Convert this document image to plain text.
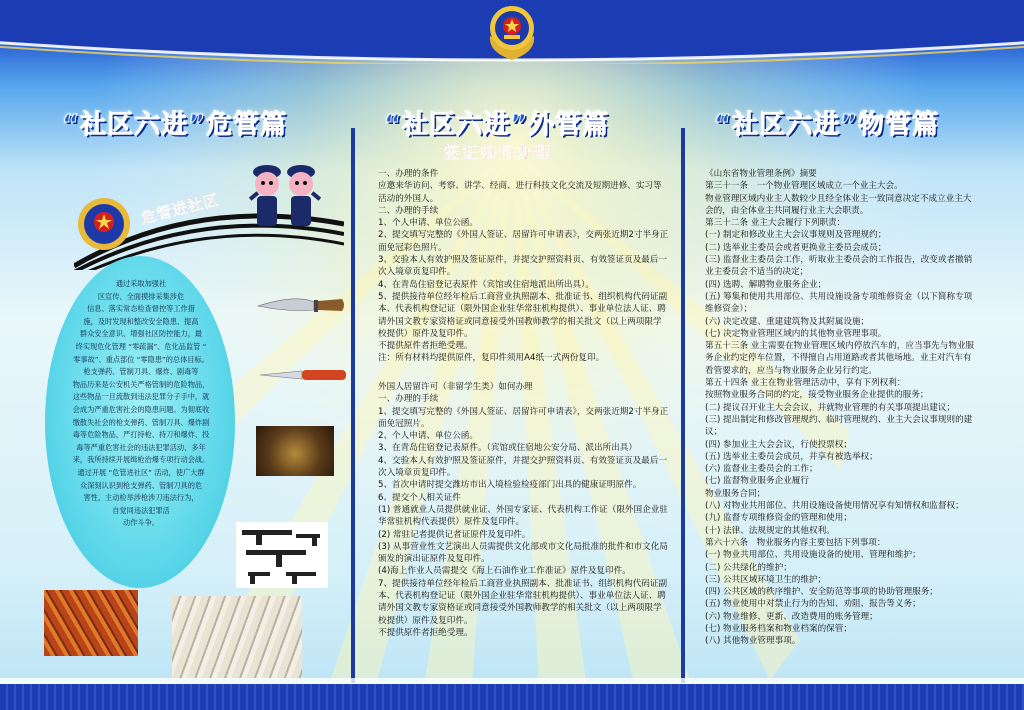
“社区六进”危管篇	“社区六进”外管篇	“社区六进”物管篇
危管进社区
通过采取加强社
区宣传、全面摸排采集涉危
信息、落实常态检查督控等工作措
施，及时发现和整改安全隐患、提高
群众安全意识、增强社区防控能力，最
终实现危化管理 “零疏漏”、危化品监管 “
零事故”、重点部位 “零隐患”的总体目标。
枪支弹药、管制刀具、爆炸、剧毒等
物品历来是公安机关严格管制的危险物品，
这些物品一旦流散到违法犯罪分子手中，就
会成为严重危害社会的隐患问题。为彻底收
缴散失社会的枪支弹药、管制刀具、爆炸剧
毒等危险物品，严打持枪、持刀和爆炸、投
毒等严重危害社会的违法犯罪活动，多年
来，我所持续开展缉枪治爆专项行动会战。
通过开展 “危管进社区” 活动，使广大群
众深刻认识到枪支弹药、管制刀具的危
害性，主动检举涉枪涉刀违法行为，
自觉同违法犯罪活
动作斗争。
签证如何办理
一、办理的条件
应邀来华访问、考察、讲学、经商、进行科技文化交流及短期进修、实习等活动的外国人。
二、办理的手续
1、个人申请、单位公函。
2、提交填写完整的《外国人签证、居留许可申请表》，交两张近期2寸半身正面免冠彩色照片。
3、交验本人有效护照及签证原件，并提交护照资料页、有效签证页及最后一次入境章页复印件。
4、在青岛住宿登记表原件（宾馆或住宿地派出所出具）。
5、提供接待单位经年检后工商营业执照副本、批准证书、组织机构代码证副本、代表机构登记证（限外国企业驻华常驻机构提供）、事业单位法人证、聘请外国文教专家资格证或同意接受外国教师教学的相关批文（以上两项限学校提供）原件及复印件。
不提供原件者拒绝受理。
注：所有材料均提供原件，复印件须用A4纸一式两份复印。
外国人居留许可（非留学生类）如何办理
一、办理的手续
1、提交填写完整的《外国人签证、居留许可申请表》，交两张近期2寸半身正面免冠照片。
2、个人申请、单位公函。
3、在青岛住宿登记表原件。（宾馆或住宿地公安分局、派出所出具）
4、交验本人有效护照及签证原件，并提交护照资料页、有效签证页及最后一次入境章页复印件。
5、首次申请时提交潍坊市出入境检验检疫部门出具的健康证明原件。
6、提交个人相关证件
(1) 普通就业人员提供就业证、外国专家证、代表机构工作证（限外国企业驻华常驻机构代表提供）原件及复印件。
(2) 常驻记者提供记者证原件及复印件。
(3) 从事营业性文艺演出人员需提供文化部或市文化局批准的批件和市文化局颁发的演出证原件及复印件。
(4)海上作业人员需提交《海上石油作业工作准证》原件及复印件。
7、提供接待单位经年检后工商营业执照副本、批准证书、组织机构代码证副本、代表机构登记证（限外国企业驻华常驻机构提供）、事业单位法人证、聘请外国文教专家资格证或同意接受外国教师教学的相关批文（以上两项限学校提供）原件及复印件。
不提供原件者拒绝受理。
《山东省物业管理条例》摘要
第三十一条　一个物业管理区域成立一个业主大会。
物业管理区域内业主人数较少且经全体业主一致同意决定不成立业主大会的，由全体业主共同履行业主大会职责。
第三十二条 业主大会履行下列职责：
(一) 制定和修改业主大会议事规则及管理规约；
(二) 选举业主委员会或者更换业主委员会成员；
(三) 监督业主委员会工作，听取业主委员会的工作报告，改变或者撤销业主委员会不适当的决定；
(四) 选聘、解聘物业服务企业；
(五) 筹集和使用共用部位、共用设施设备专项维修资金（以下简称专项维修资金）；
(六) 决定改建、重建建筑物及其附属设施；
(七) 决定物业管理区域内的其他物业管理事项。
第五十三条 业主需要在物业管理区域内停放汽车的，应当事先与物业服务企业约定停车位置，不得擅自占用道路或者其他场地。业主对汽车有看管要求的，应当与物业服务企业另行约定。
第五十四条 业主在物业管理活动中，享有下列权利：
按照物业服务合同的约定，接受物业服务企业提供的服务；
(二) 提议召开业主大会会议，并就物业管理的有关事项提出建议；
(三) 提出制定和修改管理规约、临时管理规约、业主大会议事规则的建议；
(四) 参加业主大会会议，行使投票权；
(五) 选举业主委员会成员，并享有被选举权；
(六) 监督业主委员会的工作；
(七) 监督物业服务企业履行
物业服务合同；
(八) 对物业共用部位、共用设施设备使用情况享有知情权和监督权；
(九) 监督专项维修资金的管理和使用；
(十) 法律、法规规定的其他权利。
第六十六条　物业服务内容主要包括下列事项：
(一) 物业共用部位、共用设施设备的使用、管理和维护；
(二) 公共绿化的维护；
(三) 公共区域环境卫生的维护；
(四) 公共区域的秩序维护、安全防范等事项的协助管理服务；
(五) 物业使用中对禁止行为的告知、劝阻、报告等义务；
(六) 物业维修、更新、改造费用的账务管理；
(七) 物业服务档案和物业档案的保管；
(八) 其他物业管理事项。
